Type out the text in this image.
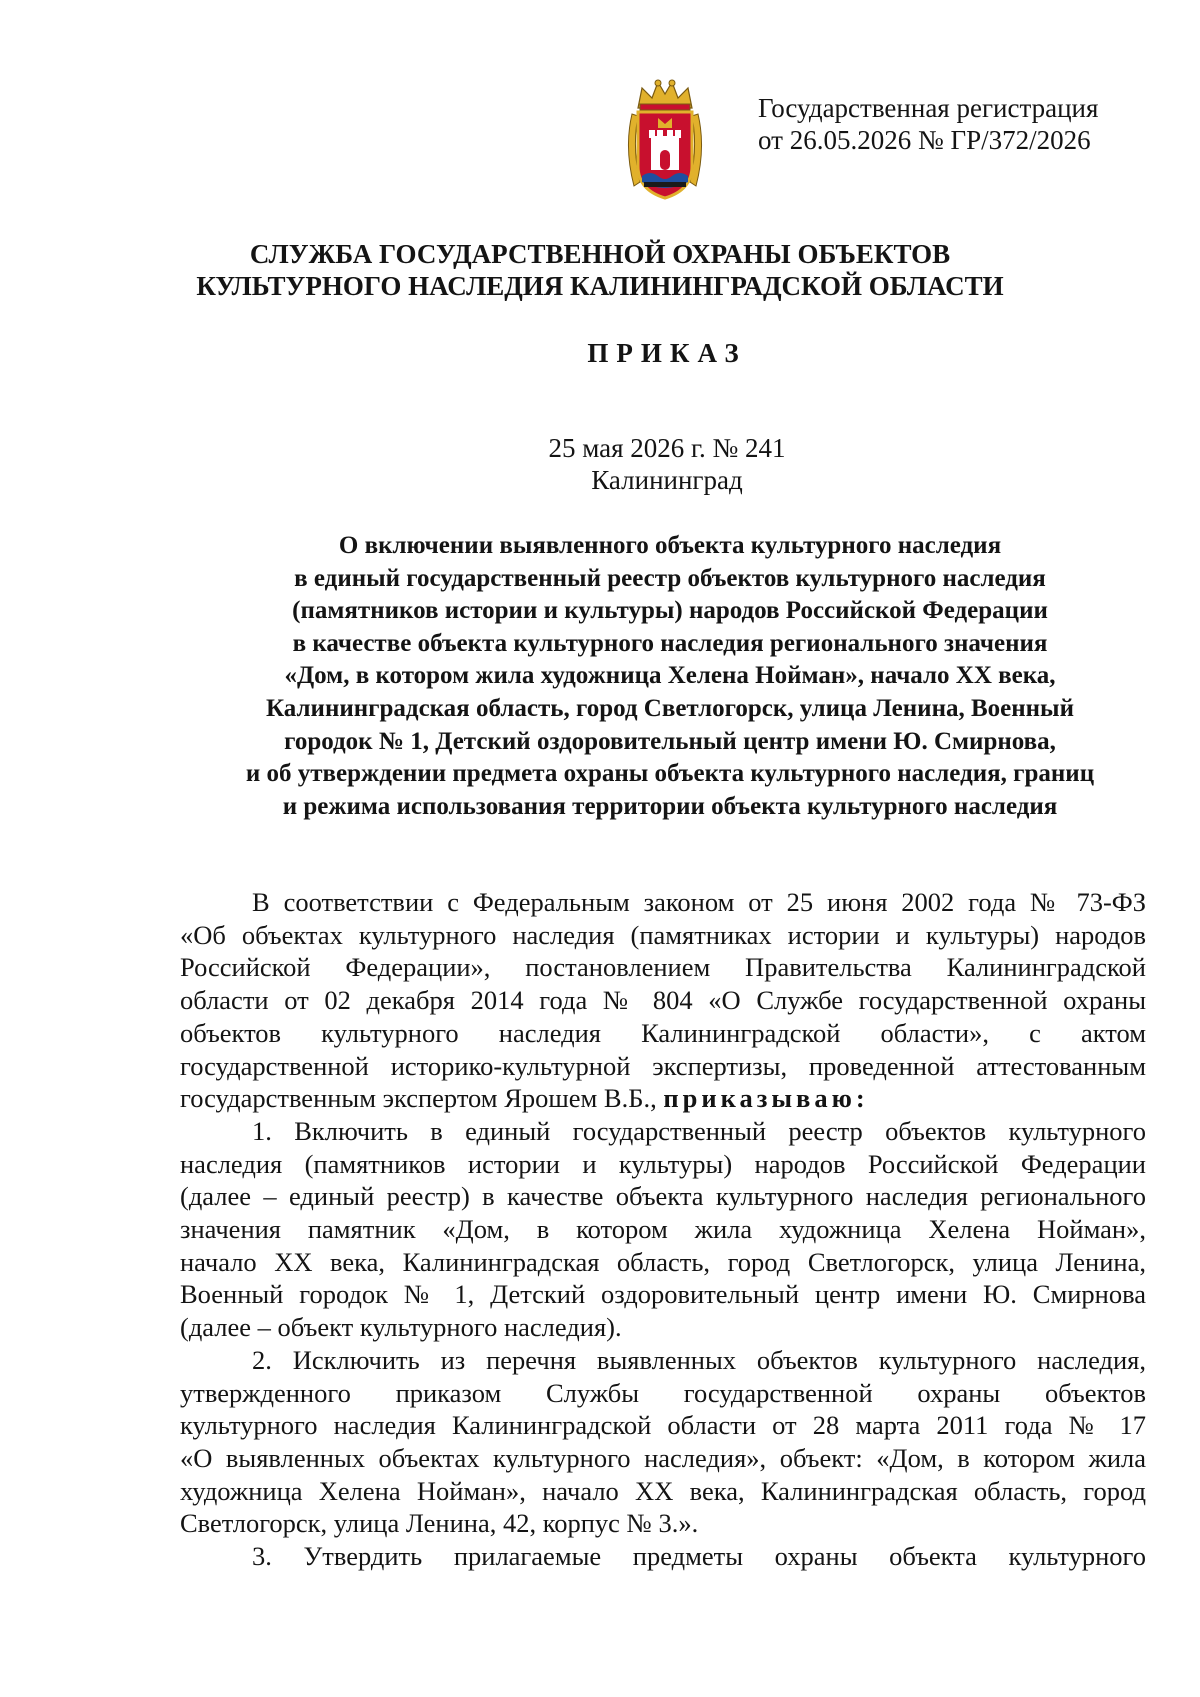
Государственная регистрация
от 26.05.2026 № ГР/372/2026
СЛУЖБА ГОСУДАРСТВЕННОЙ ОХРАНЫ ОБЪЕКТОВ
КУЛЬТУРНОГО НАСЛЕДИЯ КАЛИНИНГРАДСКОЙ ОБЛАСТИ
ПРИКАЗ
25 мая 2026 г. № 241
Калининград
О включении выявленного объекта культурного наследия
в единый государственный реестр объектов культурного наследия
(памятников истории и культуры) народов Российской Федерации
в качестве объекта культурного наследия регионального значения
«Дом, в котором жила художница Хелена Нойман», начало XX века,
Калининградская область, город Светлогорск, улица Ленина, Военный
городок № 1, Детский оздоровительный центр имени Ю. Смирнова,
и об утверждении предмета охраны объекта культурного наследия, границ
и режима использования территории объекта культурного наследия
В соответствии с Федеральным законом от 25 июня 2002 года № 73-ФЗ
«Об объектах культурного наследия (памятниках истории и культуры) народов
Российской Федерации», постановлением Правительства Калининградской
области от 02 декабря 2014 года № 804 «О Службе государственной охраны
объектов культурного наследия Калининградской области», с актом
государственной историко-культурной экспертизы, проведенной аттестованным
государственным экспертом Ярошем В.Б., приказываю:
1. Включить в единый государственный реестр объектов культурного
наследия (памятников истории и культуры) народов Российской Федерации
(далее – единый реестр) в качестве объекта культурного наследия регионального
значения памятник «Дом, в котором жила художница Хелена Нойман»,
начало XX века, Калининградская область, город Светлогорск, улица Ленина,
Военный городок № 1, Детский оздоровительный центр имени Ю. Смирнова
(далее – объект культурного наследия).
2. Исключить из перечня выявленных объектов культурного наследия,
утвержденного приказом Службы государственной охраны объектов
культурного наследия Калининградской области от 28 марта 2011 года № 17
«О выявленных объектах культурного наследия», объект: «Дом, в котором жила
художница Хелена Нойман», начало XX века, Калининградская область, город
Светлогорск, улица Ленина, 42, корпус № 3.».
3. Утвердить прилагаемые предметы охраны объекта культурного
